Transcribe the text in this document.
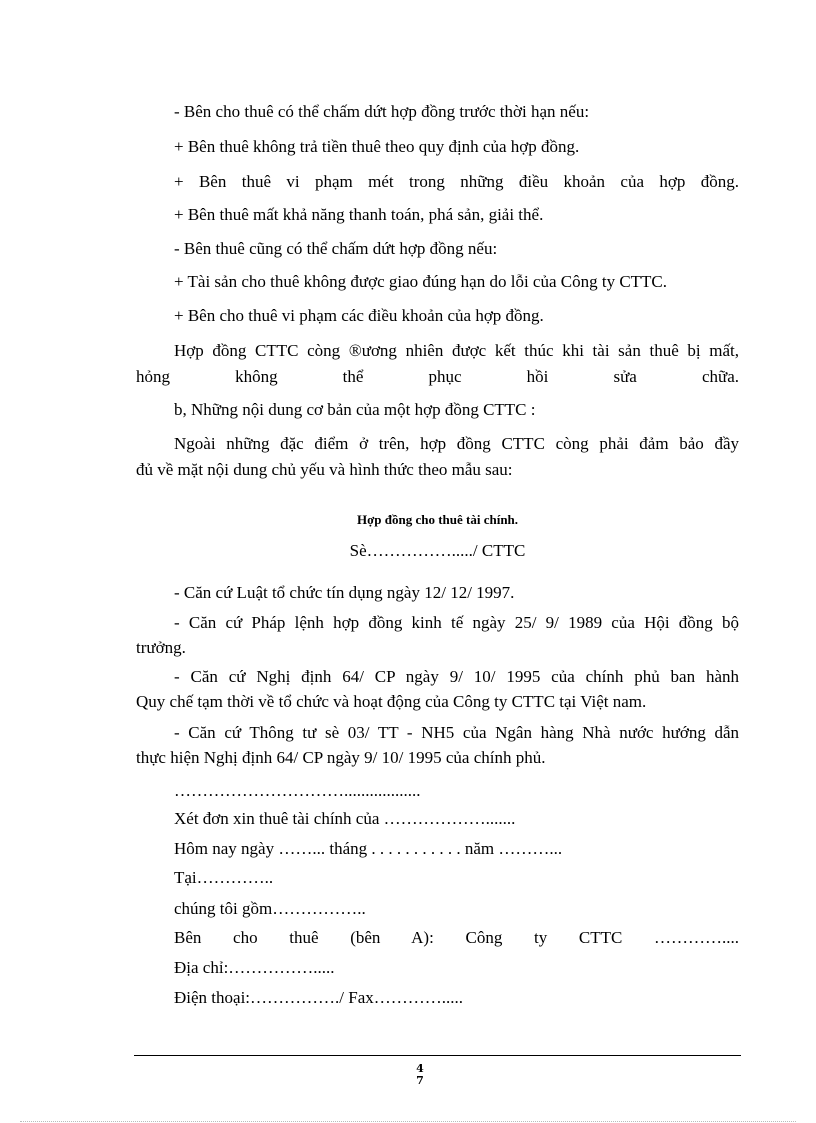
- Bên cho thuê có thể chấm dứt hợp đồng trước thời hạn nếu:
+ Bên thuê không trả tiền thuê theo quy định của hợp đồng.
+ Bên thuê vi phạm mét trong những điều khoản của hợp đồng.
+ Bên thuê mất khả năng thanh toán, phá sản, giải thể.
- Bên thuê cũng có thể chấm dứt hợp đồng nếu:
+ Tài sản cho thuê không được giao đúng hạn do lỗi của Công ty CTTC.
+ Bên cho thuê vi phạm các điều khoản của hợp đồng.
Hợp đồng CTTC còng ®ương nhiên được kết thúc khi tài sản thuê bị mất,
hỏng không thể phục hồi sửa chữa.
b, Những nội dung cơ bản của một hợp đồng CTTC :
Ngoài những đặc điểm ở trên, hợp đồng CTTC còng phải đảm bảo đầy
đủ về mặt nội dung chủ yếu và hình thức theo mẫu sau:
Hợp đồng cho thuê tài chính.
Sè……………...../ CTTC
- Căn cứ Luật tổ chức tín dụng ngày 12/ 12/ 1997.
- Căn cứ Pháp lệnh hợp đồng kinh tế ngày 25/ 9/ 1989 của Hội đồng bộ
trưởng.
- Căn cứ Nghị định 64/ CP ngày 9/ 10/ 1995 của chính phủ ban hành
Quy chế tạm thời về tổ chức và hoạt động của Công ty CTTC tại Việt nam.
- Căn cứ Thông tư sè 03/ TT - NH5 của Ngân hàng Nhà nước hướng dẫn
thực hiện Nghị định 64/ CP ngày 9/ 10/ 1995 của chính phủ.
…………………………..................
Xét đơn xin thuê tài chính của ……………….......
Hôm nay ngày ……... tháng . . . . . . . . . . . năm ………...
Tại…………..
chúng tôi gồm……………..
Bên cho thuê (bên A): Công ty CTTC …………....
Địa chỉ:…………….....
Điện thoại:……………./ Fax………….....
4
7
